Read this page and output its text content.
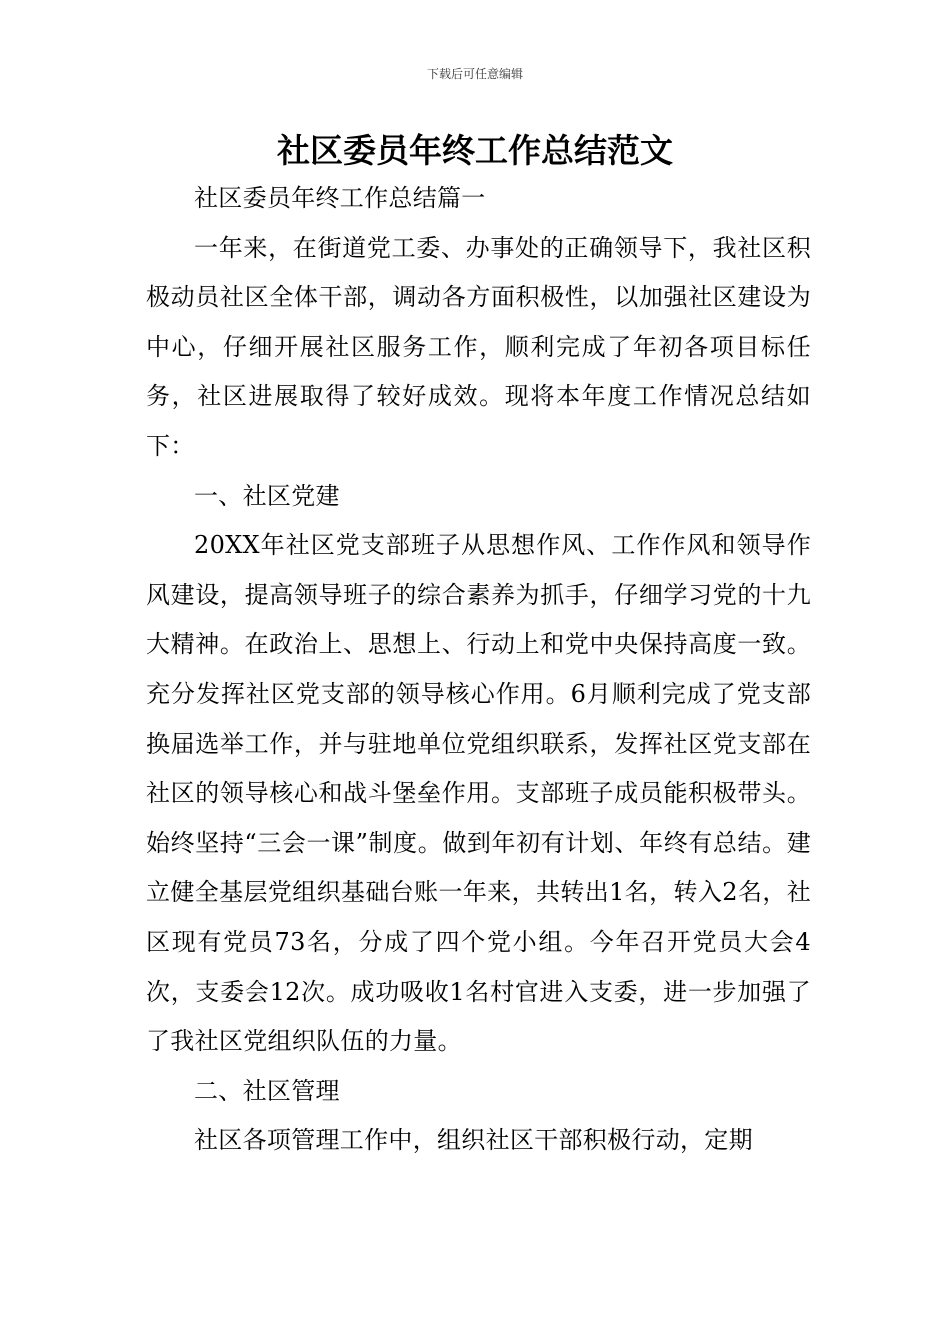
下载后可任意编辑
社区委员年终工作总结范文

社区委员年终工作总结篇一

一年来，在街道党工委、办事处的正确领导下，我社区积极动员社区全体干部，调动各方面积极性，以加强社区建设为中心，仔细开展社区服务工作，顺利完成了年初各项目标任务，社区进展取得了较好成效。现将本年度工作情况总结如下：

一、社区党建

20XX年社区党支部班子从思想作风、工作作风和领导作风建设，提高领导班子的综合素养为抓手，仔细学习党的十九大精神。在政治上、思想上、行动上和党中央保持高度一致。充分发挥社区党支部的领导核心作用。6月顺利完成了党支部换届选举工作，并与驻地单位党组织联系，发挥社区党支部在社区的领导核心和战斗堡垒作用。支部班子成员能积极带头。始终坚持“三会一课”制度。做到年初有计划、年终有总结。建立健全基层党组织基础台账一年来，共转出1名，转入2名，社区现有党员73名，分成了四个党小组。今年召开党员大会4次，支委会12次。成功吸收1名村官进入支委，进一步加强了了我社区党组织队伍的力量。

二、社区管理

社区各项管理工作中，组织社区干部积极行动，定期
